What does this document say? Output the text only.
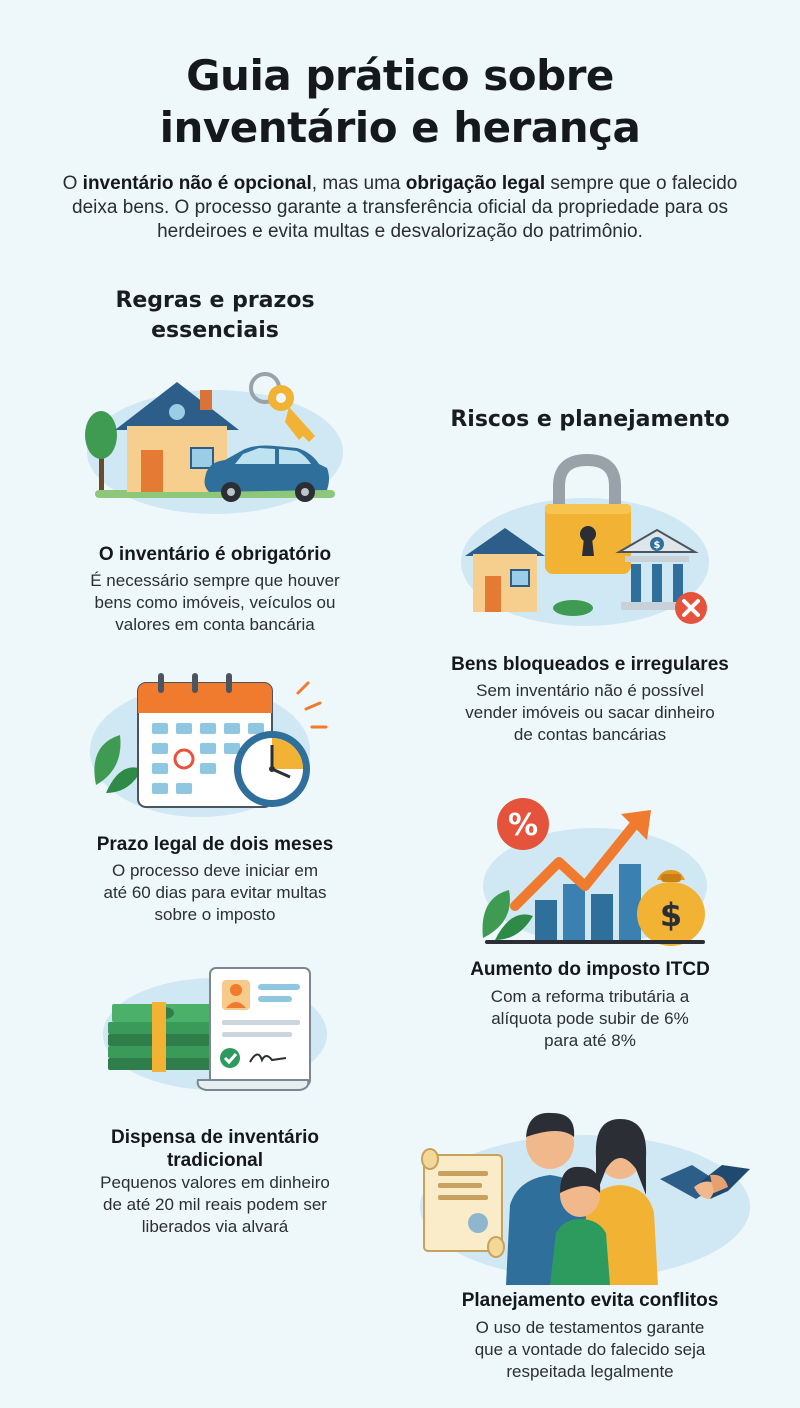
Guia prático sobre
inventário e herança
O inventário não é opcional, mas uma obrigação legal sempre que o falecido deixa bens. O processo garante a transferência oficial da propriedade para os herdeiroes e evita multas e desvalorização do patrimônio.
Regras e prazos
essenciais
Riscos e planejamento
O inventário é obrigatório
É necessário sempre que houver
bens como imóveis, veículos ou
valores em conta bancária
Prazo legal de dois meses
O processo deve iniciar em
até 60 dias para evitar multas
sobre o imposto
Dispensa de inventário
tradicional
Pequenos valores em dinheiro
de até 20 mil reais podem ser
liberados via alvará
$
Bens bloqueados e irregulares
Sem inventário não é possível
vender imóveis ou sacar dinheiro
de contas bancárias
%
$
Aumento do imposto ITCD
Com a reforma tributária a
alíquota pode subir de 6%
para até 8%
Planejamento evita conflitos
O uso de testamentos garante
que a vontade do falecido seja
respeitada legalmente
